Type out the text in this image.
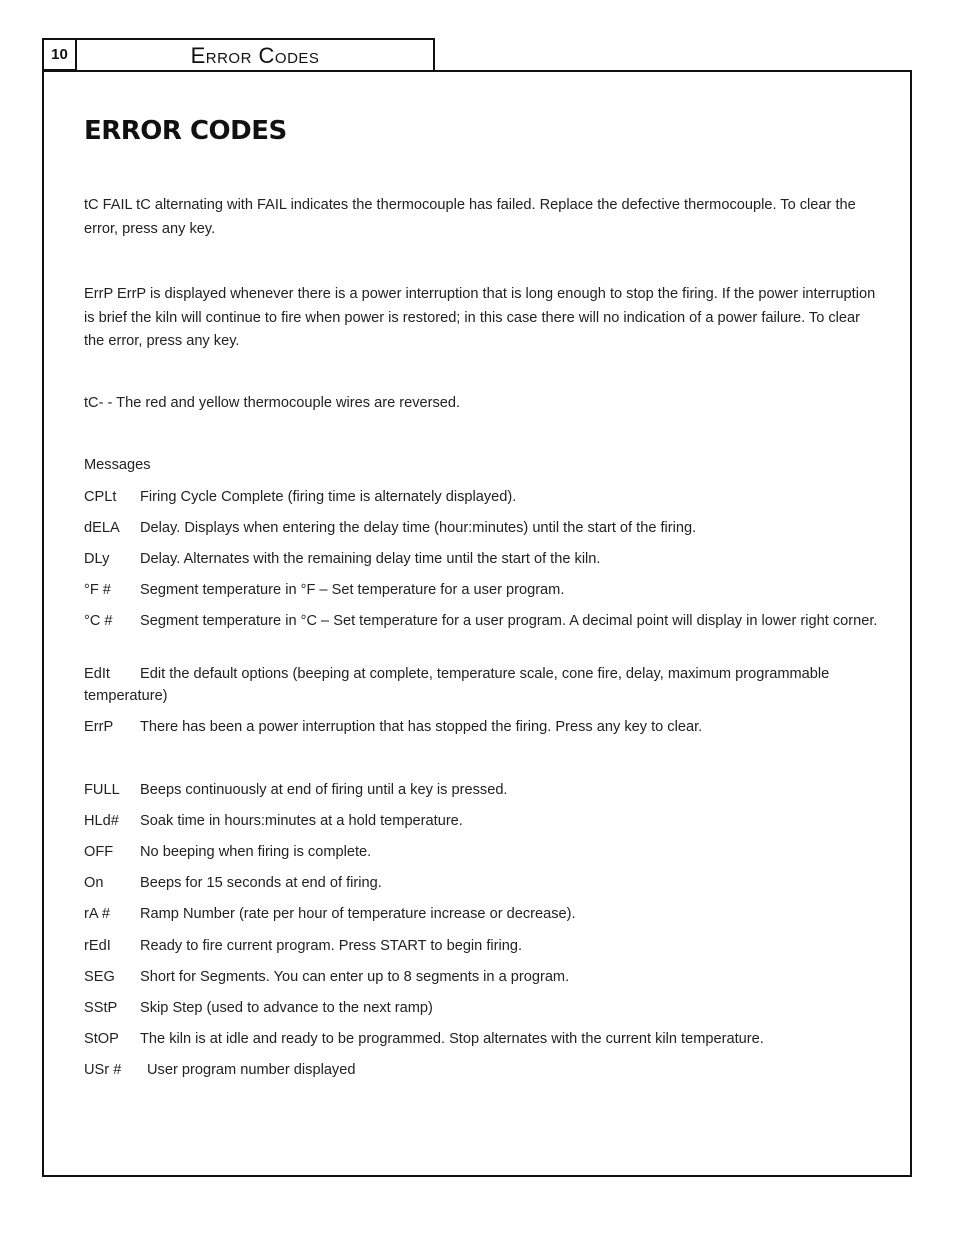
10	Error Codes
ERROR CODES

tC FAIL tC alternating with FAIL indicates the thermocouple has failed. Replace the defective thermocouple. To clear the error, press any key.

ErrP ErrP is displayed whenever there is a power interruption that is long enough to stop the firing. If the power interruption is brief the kiln will continue to fire when power is restored; in this case there will no indication of a power failure. To clear the error, press any key.

tC- - The red and yellow thermocouple wires are reversed.

Messages

CPLt Firing Cycle Complete (firing time is alternately displayed).

dELA Delay. Displays when entering the delay time (hour:minutes) until the start of the firing.

DLy Delay. Alternates with the remaining delay time until the start of the kiln.

°F # Segment temperature in °F – Set temperature for a user program.

°C # Segment temperature in °C – Set temperature for a user program. A decimal point will display in lower right corner.

EdIt Edit the default options (beeping at complete, temperature scale, cone fire, delay, maximum programmable temperature)

ErrP There has been a power interruption that has stopped the firing. Press any key to clear.

FULL Beeps continuously at end of firing until a key is pressed.

HLd# Soak time in hours:minutes at a hold temperature.

OFF No beeping when firing is complete.

On	Beeps for 15 seconds at end of firing.

rA # Ramp Number (rate per hour of temperature increase or decrease).

rEdI Ready to fire current program. Press START to begin firing.

SEG Short for Segments. You can enter up to 8 segments in a program.

SStP Skip Step (used to advance to the next ramp)

StOP The kiln is at idle and ready to be programmed. Stop alternates with the current kiln temperature.

USr # User program number displayed
